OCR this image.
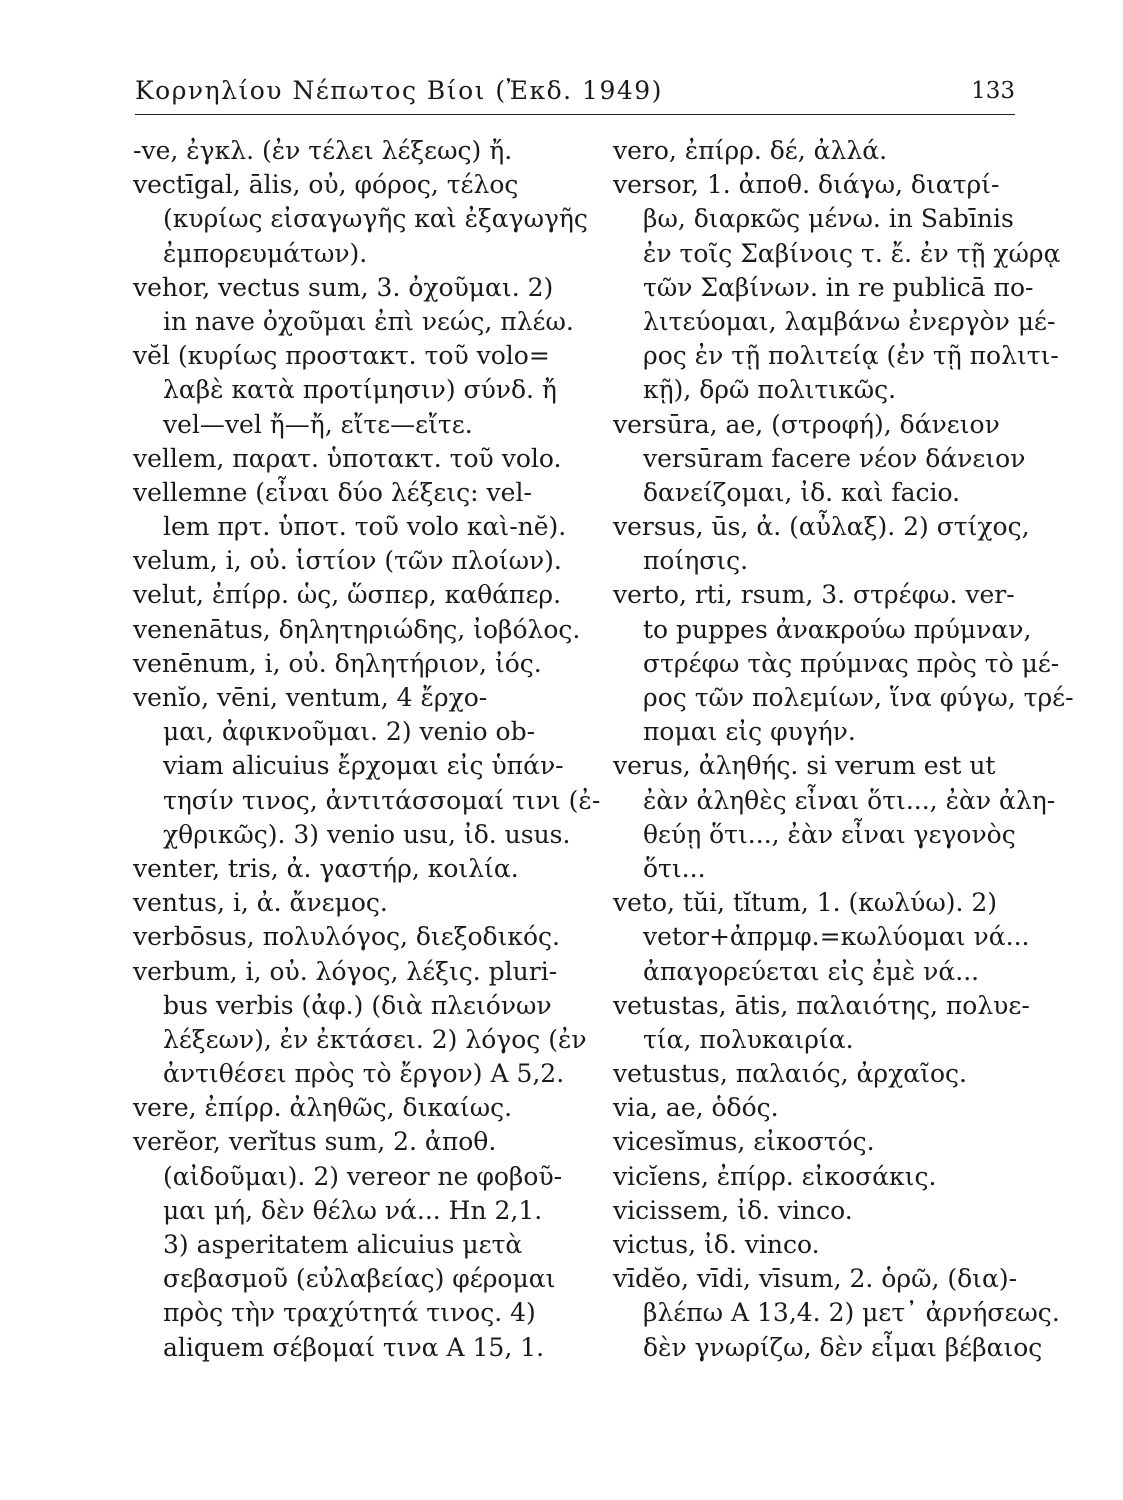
Κορνηλίου Νέπωτος Βίοι (Ἐκδ. 1949)	133
-ve, ἐγκλ. (ἐν τέλει λέξεως) ἤ.
vectīgal, ālis, οὐ, φόρος, τέλος
(κυρίως εἰσαγωγῆς καὶ ἐξαγωγῆς
ἐμπορευμάτων).
vehor, vectus sum, 3. ὀχοῦμαι. 2)
in nave ὀχοῦμαι ἐπὶ νεώς, πλέω.
vĕl (κυρίως προστακτ. τοῦ volo=
λαβὲ κατὰ προτίμησιν) σύνδ. ἤ
vel—vel ἤ—ἤ, εἴτε—εἴτε.
vellem, παρατ. ὑποτακτ. τοῦ volo.
vellemne (εἶναι δύο λέξεις: vel-
lem πρτ. ὑποτ. τοῦ volo καὶ-nĕ).
velum, i, οὐ. ἱστίον (τῶν πλοίων).
velut, ἐπίρρ. ὡς, ὥσπερ, καθάπερ.
venenātus, δηλητηριώδης, ἰοβόλος.
venēnum, i, οὐ. δηλητήριον, ἰός.
venĭo, vēni, ventum, 4 ἔρχο-
μαι, ἀφικνοῦμαι. 2) venio ob-
viam alicuius ἔρχομαι εἰς ὑπάν-
τησίν τινος, ἀντιτάσσομαί τινι (ἐ-
χθρικῶς). 3) venio usu, ἰδ. usus.
venter, tris, ἀ. γαστήρ, κοιλία.
ventus, i, ἀ. ἄνεμος.
verbōsus, πολυλόγος, διεξοδικός.
verbum, i, οὐ. λόγος, λέξις. pluri-
bus verbis (ἀφ.) (διὰ πλειόνων
λέξεων), ἐν ἐκτάσει. 2) λόγος (ἐν
ἀντιθέσει πρὸς τὸ ἔργον) A 5,2.
vere, ἐπίρρ. ἀληθῶς, δικαίως.
verĕor, verĭtus sum, 2. ἀποθ.
(αἰδοῦμαι). 2) vereor ne φοβοῦ-
μαι μή, δὲν θέλω νά... Hn 2,1.
3) asperitatem alicuius μετὰ
σεβασμοῦ (εὐλαβείας) φέρομαι
πρὸς τὴν τραχύτητά τινος. 4)
aliquem σέβομαί τινα A 15, 1.
vero, ἐπίρρ. δέ, ἀλλά.
versor, 1. ἀποθ. διάγω, διατρί-
βω, διαρκῶς μένω. in Sabīnis
ἐν τοῖς Σαβίνοις τ. ἔ. ἐν τῇ χώρᾳ
τῶν Σαβίνων. in re publicā πο-
λιτεύομαι, λαμβάνω ἐνεργὸν μέ-
ρος ἐν τῇ πολιτείᾳ (ἐν τῇ πολιτι-
κῇ), δρῶ πολιτικῶς.
versūra, ae, (στροφή), δάνειον
versūram facere νέον δάνειον
δανείζομαι, ἰδ. καὶ facio.
versus, ūs, ἀ. (αὖλαξ). 2) στίχος,
ποίησις.
verto, rti, rsum, 3. στρέφω. ver-
to puppes ἀνακρούω πρύμναν,
στρέφω τὰς πρύμνας πρὸς τὸ μέ-
ρος τῶν πολεμίων, ἵνα φύγω, τρέ-
πομαι εἰς φυγήν.
verus, ἀληθής. si verum est ut
ἐὰν ἀληθὲς εἶναι ὅτι..., ἐὰν ἀλη-
θεύῃ ὅτι..., ἐὰν εἶναι γεγονὸς
ὅτι...
veto, tŭi, tĭtum, 1. (κωλύω). 2)
vetor+ἀπρμφ.=κωλύομαι νά...
ἀπαγορεύεται εἰς ἐμὲ νά...
vetustas, ātis, παλαιότης, πολυε-
τία, πολυκαιρία.
vetustus, παλαιός, ἀρχαῖος.
via, ae, ὁδός.
vicesĭmus, εἰκοστός.
vicĭens, ἐπίρρ. εἰκοσάκις.
vicissem, ἰδ. vinco.
victus, ἰδ. vinco.
vīdĕo, vīdi, vīsum, 2. ὁρῶ, (δια)-
βλέπω A 13,4. 2) μετ᾽ ἀρνήσεως.
δὲν γνωρίζω, δὲν εἶμαι βέβαιος
